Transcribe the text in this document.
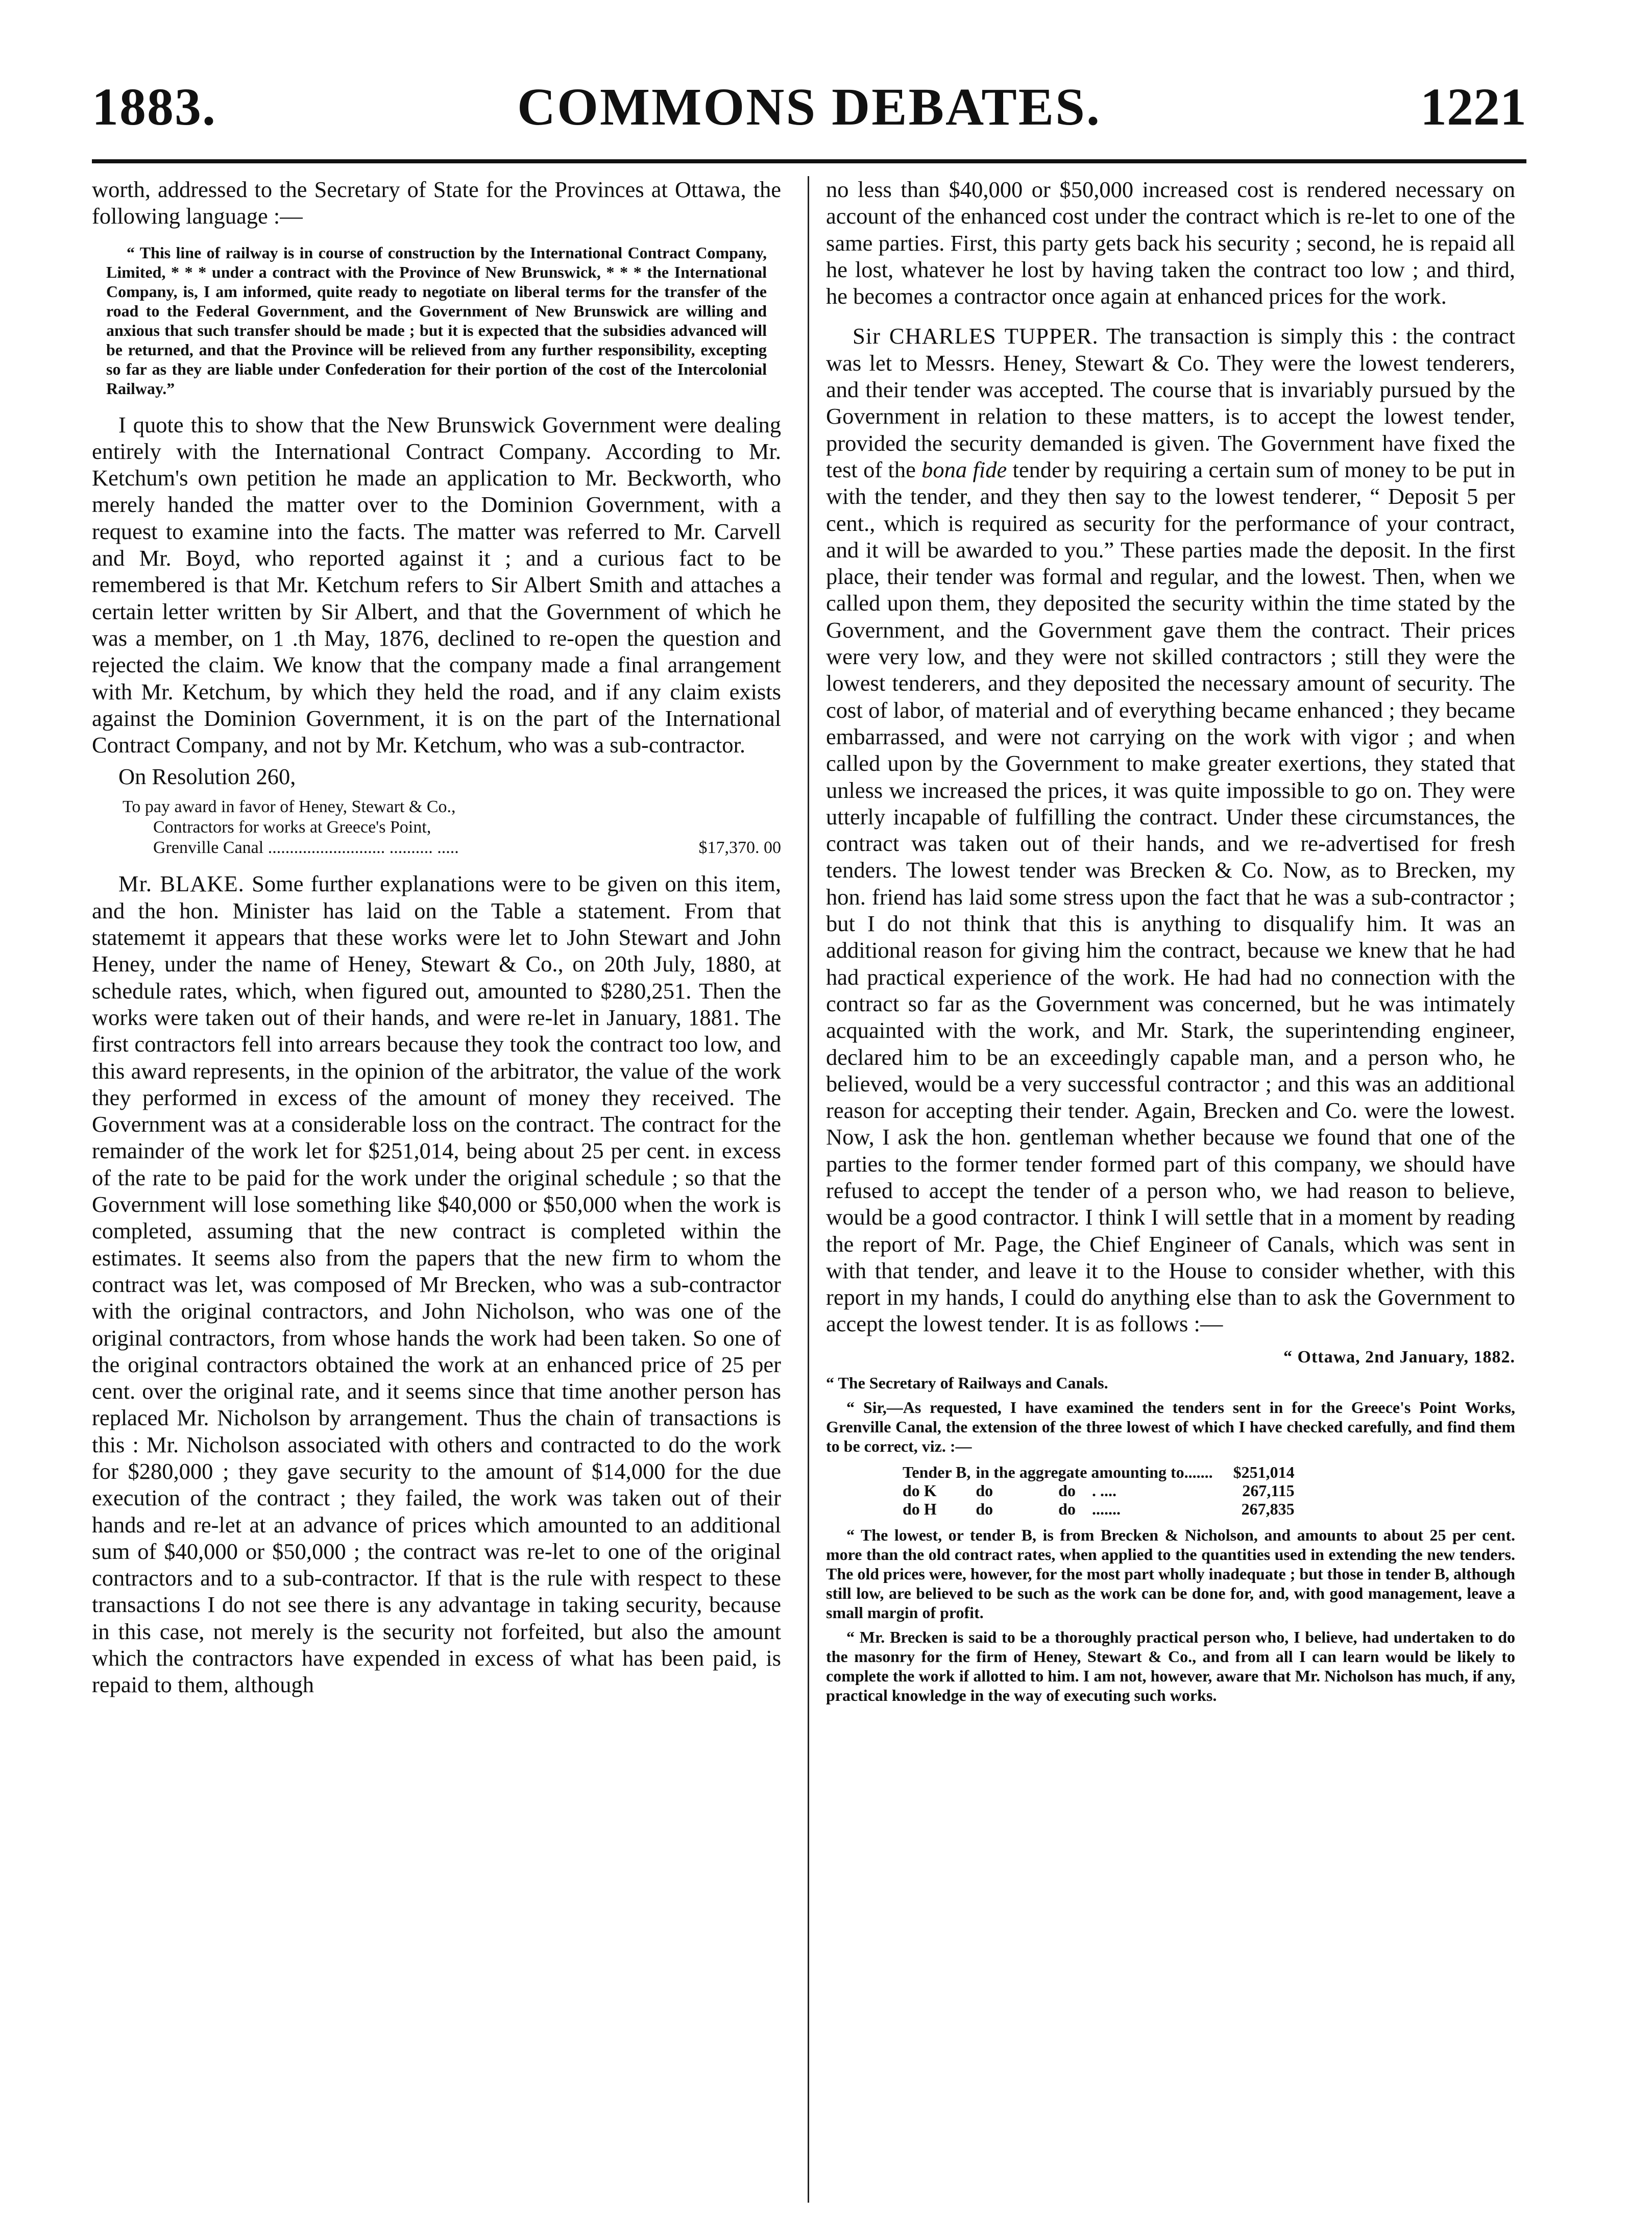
COMMONS DEBATES.
1883.	1221

worth, addressed to the Secretary of State for the Provinces at Ottawa, the following language :—

“ This line of railway is in course of construction by the International Contract Company, Limited, * * * under a contract with the Province of New Brunswick, * * * the International Company, is, I am informed, quite ready to negotiate on liberal terms for the transfer of the road to the Federal Government, and the Government of New Brunswick are willing and anxious that such transfer should be made ; but it is expected that the subsidies advanced will be returned, and that the Province will be relieved from any further responsibility, excepting so far as they are liable under Confederation for their portion of the cost of the Intercolonial Railway.”

I quote this to show that the New Brunswick Government were dealing entirely with the International Contract Company. According to Mr. Ketchum's own petition he made an application to Mr. Beckworth, who merely handed the matter over to the Dominion Government, with a request to examine into the facts. The matter was referred to Mr. Carvell and Mr. Boyd, who reported against it ; and a curious fact to be remembered is that Mr. Ketchum refers to Sir Albert Smith and attaches a certain letter written by Sir Albert, and that the Government of which he was a member, on 1 .th May, 1876, declined to re-open the question and rejected the claim. We know that the company made a final arrangement with Mr. Ketchum, by which they held the road, and if any claim exists against the Dominion Government, it is on the part of the International Contract Company, and not by Mr. Ketchum, who was a sub-contractor.

On Resolution 260,
To pay award in favor of Heney, Stewart & Co.,
Contractors for works at Greece's Point,
Grenville Canal ........................... .......... .....	$17,370. 00

Mr. BLAKE. Some further explanations were to be given on this item, and the hon. Minister has laid on the Table a statement. From that statememt it appears that these works were let to John Stewart and John Heney, under the name of Heney, Stewart & Co., on 20th July, 1880, at schedule rates, which, when figured out, amounted to $280,251. Then the works were taken out of their hands, and were re-let in January, 1881. The first contractors fell into arrears because they took the contract too low, and this award represents, in the opinion of the arbitrator, the value of the work they performed in excess of the amount of money they received. The Government was at a considerable loss on the contract. The contract for the remainder of the work let for $251,014, being about 25 per cent. in excess of the rate to be paid for the work under the original schedule ; so that the Government will lose something like $40,000 or $50,000 when the work is completed, assuming that the new contract is completed within the estimates. It seems also from the papers that the new firm to whom the contract was let, was composed of Mr Brecken, who was a sub-contractor with the original contractors, and John Nicholson, who was one of the original contractors, from whose hands the work had been taken. So one of the original contractors obtained the work at an enhanced price of 25 per cent. over the original rate, and it seems since that time another person has replaced Mr. Nicholson by arrangement. Thus the chain of transactions is this : Mr. Nicholson associated with others and contracted to do the work for $280,000 ; they gave security to the amount of $14,000 for the due execution of the contract ; they failed, the work was taken out of their hands and re-let at an advance of prices which amounted to an additional sum of $40,000 or $50,000 ; the contract was re-let to one of the original contractors and to a sub-contractor. If that is the rule with respect to these transactions I do not see there is any advantage in taking security, because in this case, not merely is the security not forfeited, but also the amount which the contractors have expended in excess of what has been paid, is repaid to them, although

no less than $40,000 or $50,000 increased cost is rendered necessary on account of the enhanced cost under the contract which is re-let to one of the same parties. First, this party gets back his security ; second, he is repaid all he lost, whatever he lost by having taken the contract too low ; and third, he becomes a contractor once again at enhanced prices for the work.

Sir CHARLES TUPPER. The transaction is simply this : the contract was let to Messrs. Heney, Stewart & Co. They were the lowest tenderers, and their tender was accepted. The course that is invariably pursued by the Government in relation to these matters, is to accept the lowest tender, provided the security demanded is given. The Government have fixed the test of the bona fide tender by requiring a certain sum of money to be put in with the tender, and they then say to the lowest tenderer, “ Deposit 5 per cent., which is required as security for the performance of your contract, and it will be awarded to you.” These parties made the deposit. In the first place, their tender was formal and regular, and the lowest. Then, when we called upon them, they deposited the security within the time stated by the Government, and the Government gave them the contract. Their prices were very low, and they were not skilled contractors ; still they were the lowest tenderers, and they deposited the necessary amount of security. The cost of labor, of material and of everything became enhanced ; they became embarrassed, and were not carrying on the work with vigor ; and when called upon by the Government to make greater exertions, they stated that unless we increased the prices, it was quite impossible to go on. They were utterly incapable of fulfilling the contract. Under these circumstances, the contract was taken out of their hands, and we re-advertised for fresh tenders. The lowest tender was Brecken & Co. Now, as to Brecken, my hon. friend has laid some stress upon the fact that he was a sub-contractor ; but I do not think that this is anything to disqualify him. It was an additional reason for giving him the contract, because we knew that he had had practical experience of the work. He had had no connection with the contract so far as the Government was concerned, but he was intimately acquainted with the work, and Mr. Stark, the superintending engineer, declared him to be an exceedingly capable man, and a person who, he believed, would be a very successful contractor ; and this was an additional reason for accepting their tender. Again, Brecken and Co. were the lowest. Now, I ask the hon. gentleman whether because we found that one of the parties to the former tender formed part of this company, we should have refused to accept the tender of a person who, we had reason to believe, would be a good contractor. I think I will settle that in a moment by reading the report of Mr. Page, the Chief Engineer of Canals, which was sent in with that tender, and leave it to the House to consider whether, with this report in my hands, I could do anything else than to ask the Government to accept the lowest tender. It is as follows :—

“ Ottawa, 2nd January, 1882.
“ The Secretary of Railways and Canals.

“ Sir,—As requested, I have examined the tenders sent in for the Greece's Point Works, Grenville Canal, the extension of the three lowest of which I have checked carefully, and find them to be correct, viz. :—

Tender B,	in the aggregate amounting to.......	$251,014
do K	do                do    . ....	267,115
do H	do                do    .......	267,835

“ The lowest, or tender B, is from Brecken & Nicholson, and amounts to about 25 per cent. more than the old contract rates, when applied to the quantities used in extending the new tenders. The old prices were, however, for the most part wholly inadequate ; but those in tender B, although still low, are believed to be such as the work can be done for, and, with good management, leave a small margin of profit.

“ Mr. Brecken is said to be a thoroughly practical person who, I believe, had undertaken to do the masonry for the firm of Heney, Stewart & Co., and from all I can learn would be likely to complete the work if allotted to him. I am not, however, aware that Mr. Nicholson has much, if any, practical knowledge in the way of executing such works.
